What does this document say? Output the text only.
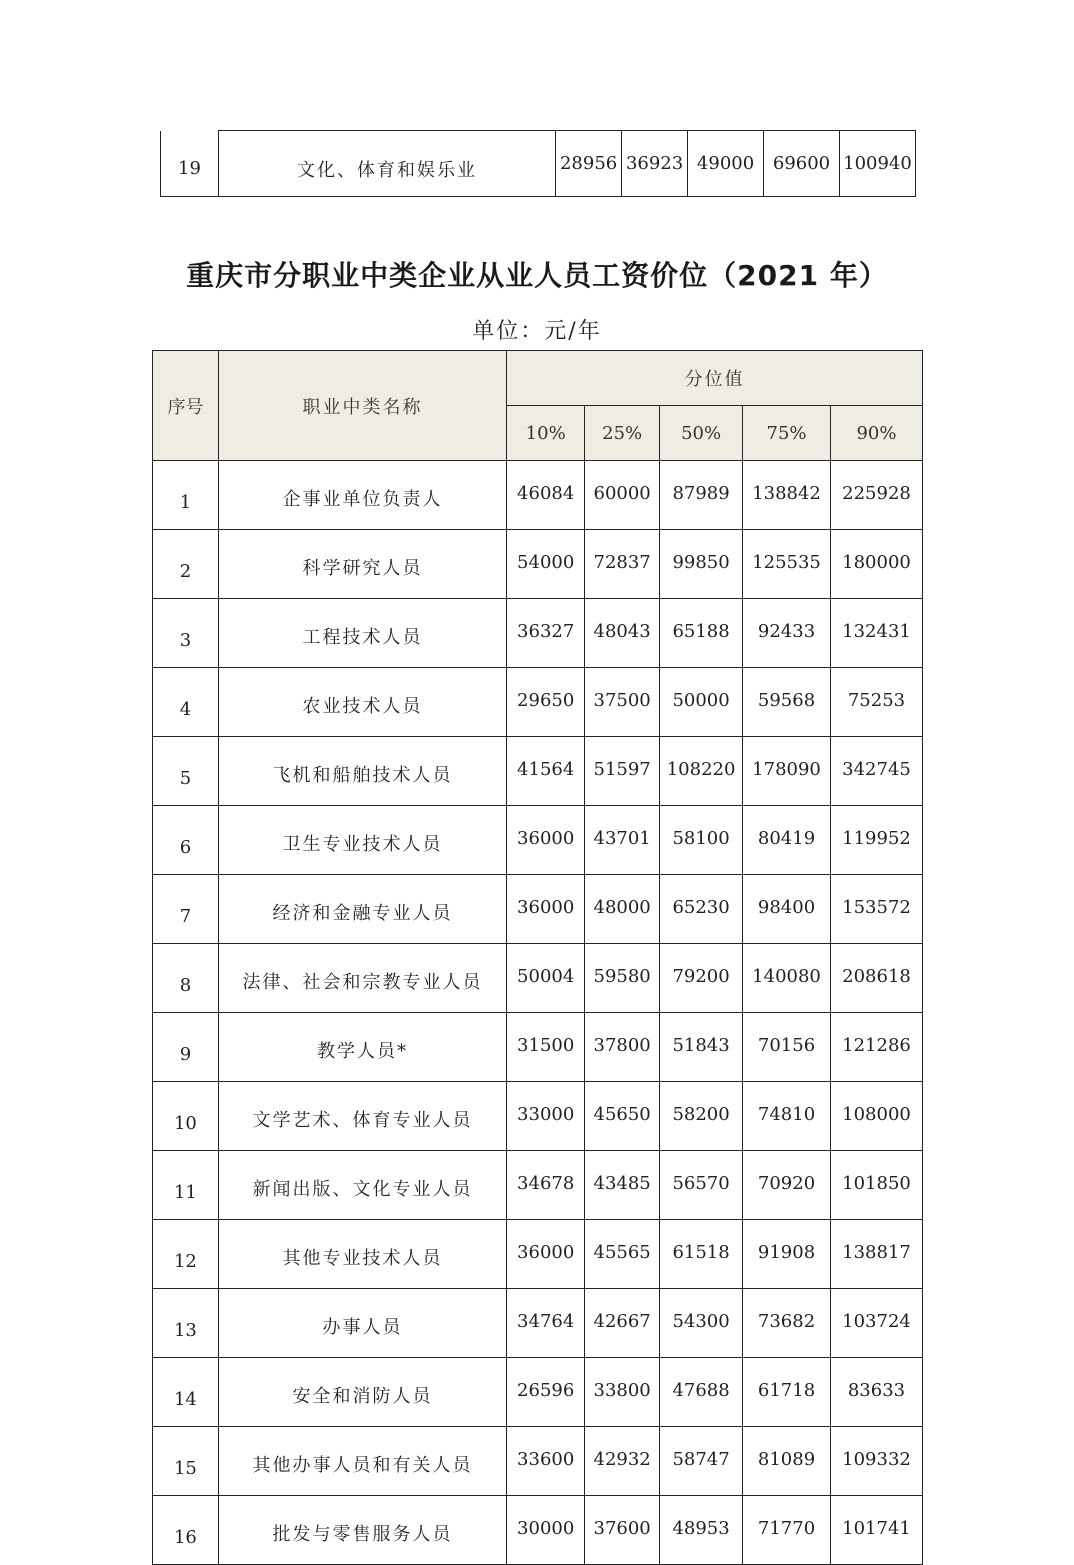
19	文化、体育和娱乐业	28956	36923	49000	69600	100940
重庆市分职业中类企业从业人员工资价位（2021 年）
单位：元/年
序号	职业中类名称	分位值				
		10%	25%	50%	75%	90%
1	企事业单位负责人	46084	60000	87989	138842	225928
2	科学研究人员	54000	72837	99850	125535	180000
3	工程技术人员	36327	48043	65188	92433	132431
4	农业技术人员	29650	37500	50000	59568	75253
5	飞机和船舶技术人员	41564	51597	108220	178090	342745
6	卫生专业技术人员	36000	43701	58100	80419	119952
7	经济和金融专业人员	36000	48000	65230	98400	153572
8	法律、社会和宗教专业人员	50004	59580	79200	140080	208618
9	教学人员*	31500	37800	51843	70156	121286
10	文学艺术、体育专业人员	33000	45650	58200	74810	108000
11	新闻出版、文化专业人员	34678	43485	56570	70920	101850
12	其他专业技术人员	36000	45565	61518	91908	138817
13	办事人员	34764	42667	54300	73682	103724
14	安全和消防人员	26596	33800	47688	61718	83633
15	其他办事人员和有关人员	33600	42932	58747	81089	109332
16	批发与零售服务人员	30000	37600	48953	71770	101741
